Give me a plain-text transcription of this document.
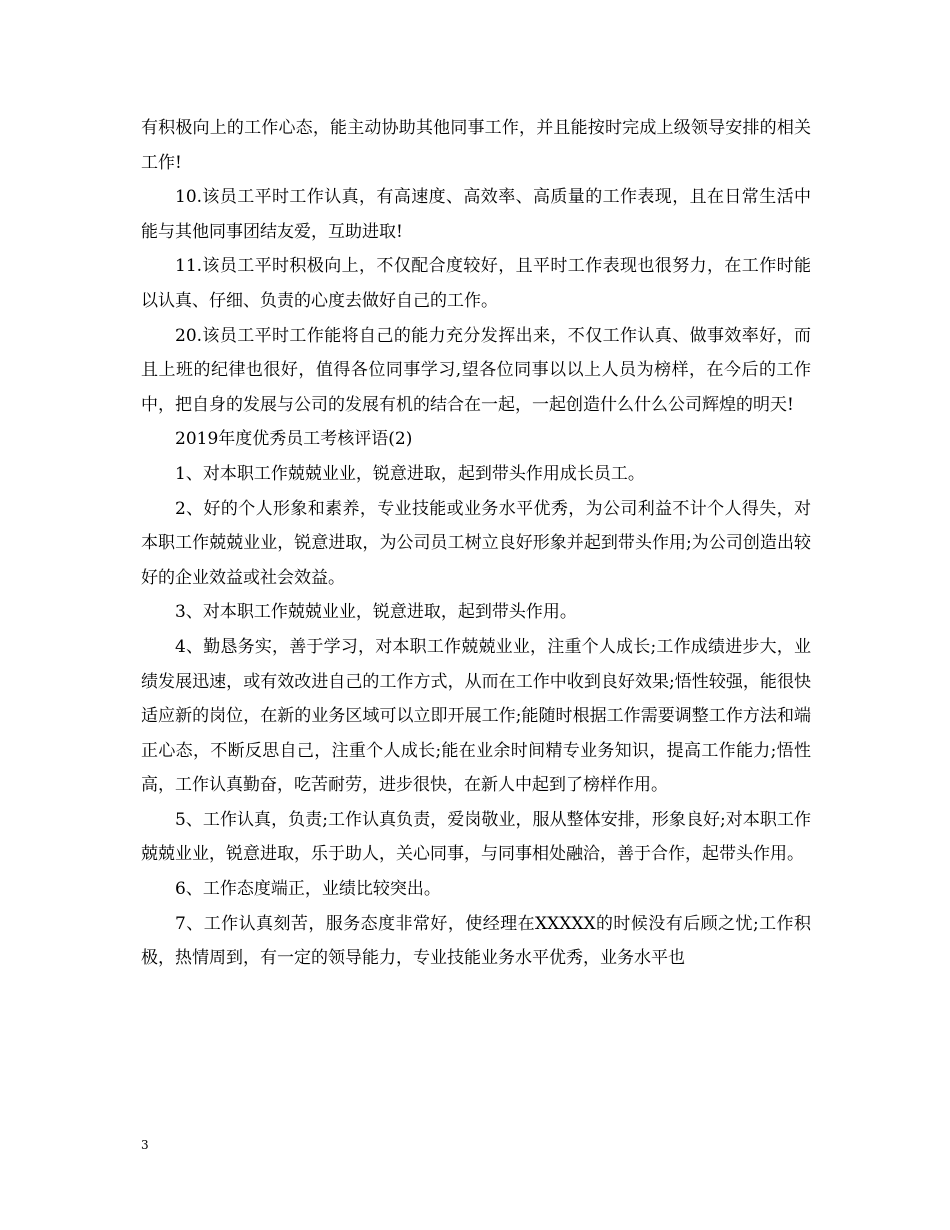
有积极向上的工作心态，能主动协助其他同事工作，并且能按时完成上级领导安排的相关工作!

10.该员工平时工作认真，有高速度、高效率、高质量的工作表现，且在日常生活中能与其他同事团结友爱，互助进取!

11.该员工平时积极向上，不仅配合度较好，且平时工作表现也很努力，在工作时能以认真、仔细、负责的心度去做好自己的工作。

20.该员工平时工作能将自己的能力充分发挥出来，不仅工作认真、做事效率好，而且上班的纪律也很好，值得各位同事学习,望各位同事以以上人员为榜样，在今后的工作中，把自身的发展与公司的发展有机的结合在一起，一起创造什么什么公司辉煌的明天!

2019年度优秀员工考核评语(2)

1、对本职工作兢兢业业，锐意进取，起到带头作用成长员工。

2、好的个人形象和素养，专业技能或业务水平优秀，为公司利益不计个人得失，对本职工作兢兢业业，锐意进取，为公司员工树立良好形象并起到带头作用;为公司创造出较好的企业效益或社会效益。

3、对本职工作兢兢业业，锐意进取，起到带头作用。

4、勤恳务实，善于学习，对本职工作兢兢业业，注重个人成长;工作成绩进步大，业绩发展迅速，或有效改进自己的工作方式，从而在工作中收到良好效果;悟性较强，能很快适应新的岗位，在新的业务区域可以立即开展工作;能随时根据工作需要调整工作方法和端正心态，不断反思自己，注重个人成长;能在业余时间精专业务知识，提高工作能力;悟性高，工作认真勤奋，吃苦耐劳，进步很快，在新人中起到了榜样作用。

5、工作认真，负责;工作认真负责，爱岗敬业，服从整体安排，形象良好;对本职工作兢兢业业，锐意进取，乐于助人，关心同事，与同事相处融洽，善于合作，起带头作用。

6、工作态度端正，业绩比较突出。

7、工作认真刻苦，服务态度非常好，使经理在XXXXX的时候没有后顾之忧;工作积极，热情周到，有一定的领导能力，专业技能业务水平优秀，业务水平也

3
